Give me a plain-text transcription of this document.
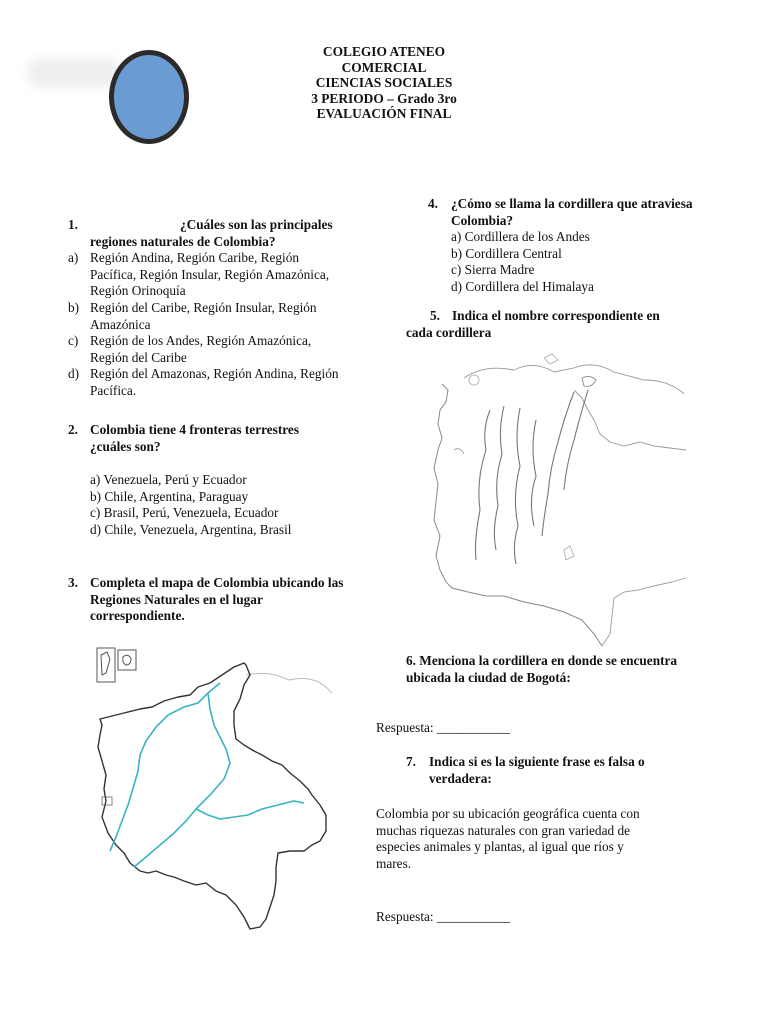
COLEGIO ATENEO
COMERCIAL
CIENCIAS SOCIALES
3 PERIODO – Grado 3ro
EVALUACIÓN FINAL
1.	¿Cuáles son las principales
regiones naturales de Colombia?
a) Región Andina, Región Caribe, Región Pacífica, Región Insular, Región Amazónica, Región Orinoquía
b) Región del Caribe, Región Insular, Región Amazónica
c) Región de los Andes, Región Amazónica, Región del Caribe
d) Región del Amazonas, Región Andina, Región Pacífica.
2. Colombia tiene 4 fronteras terrestres ¿cuáles son?
a) Venezuela, Perú y Ecuador
b) Chile, Argentina, Paraguay
c) Brasil, Perú, Venezuela, Ecuador
d) Chile, Venezuela, Argentina, Brasil
3. Completa el mapa de Colombia ubicando las Regiones Naturales en el lugar correspondiente.
4. ¿Cómo se llama la cordillera que atraviesa Colombia?
a) Cordillera de los Andes
b) Cordillera Central
c) Sierra Madre
d) Cordillera del Himalaya
5. Indica el nombre correspondiente en
cada cordillera
6. Menciona la cordillera en donde se encuentra ubicada la ciudad de Bogotá:
Respuesta: ___________
7. Indica si es la siguiente frase es falsa o verdadera:
Colombia por su ubicación geográfica cuenta con muchas riquezas naturales con gran variedad de especies animales y plantas, al igual que ríos y mares.
Respuesta: ___________
